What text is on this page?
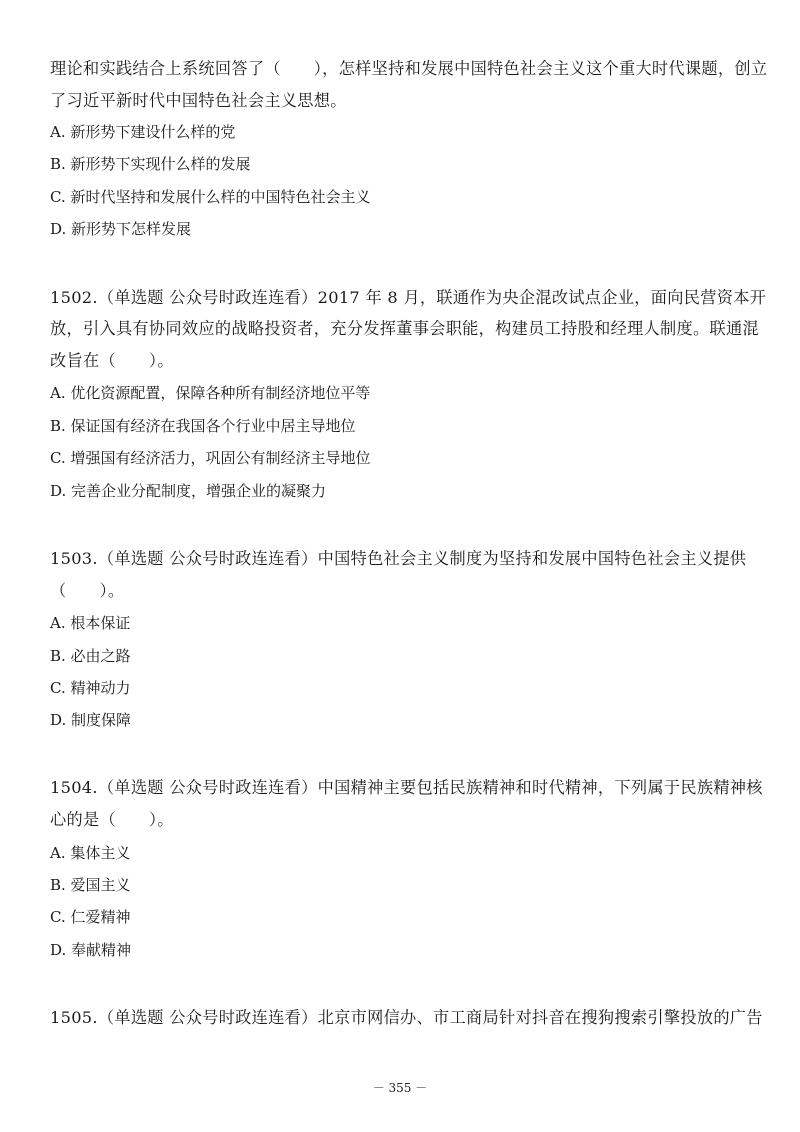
理论和实践结合上系统回答了（　　），怎样坚持和发展中国特色社会主义这个重大时代课题，创立
了习近平新时代中国特色社会主义思想。
A. 新形势下建设什么样的党
B. 新形势下实现什么样的发展
C. 新时代坚持和发展什么样的中国特色社会主义
D. 新形势下怎样发展
1502.（单选题 公众号时政连连看）2017 年 8 月，联通作为央企混改试点企业，面向民营资本开
放，引入具有协同效应的战略投资者，充分发挥董事会职能，构建员工持股和经理人制度。联通混
改旨在（　　）。
A. 优化资源配置，保障各种所有制经济地位平等
B. 保证国有经济在我国各个行业中居主导地位
C. 增强国有经济活力，巩固公有制经济主导地位
D. 完善企业分配制度，增强企业的凝聚力
1503.（单选题 公众号时政连连看）中国特色社会主义制度为坚持和发展中国特色社会主义提供
（　　）。
A. 根本保证
B. 必由之路
C. 精神动力
D. 制度保障
1504.（单选题 公众号时政连连看）中国精神主要包括民族精神和时代精神，下列属于民族精神核
心的是（　　）。
A. 集体主义
B. 爱国主义
C. 仁爱精神
D. 奉献精神
1505.（单选题 公众号时政连连看）北京市网信办、市工商局针对抖音在搜狗搜索引擎投放的广告
－ 355 －
